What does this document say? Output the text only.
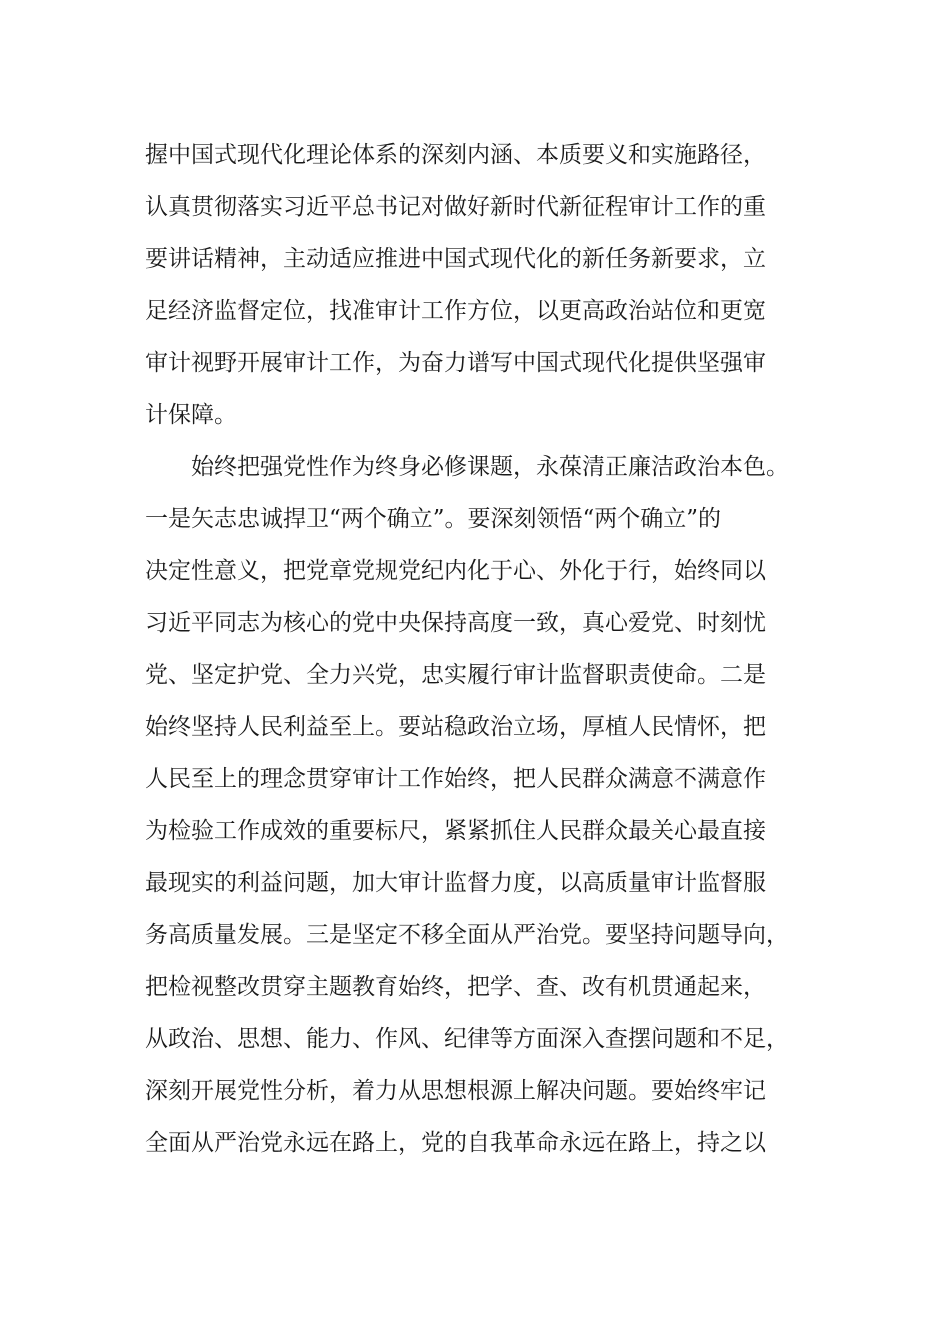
握中国式现代化理论体系的深刻内涵、本质要义和实施路径，
认真贯彻落实习近平总书记对做好新时代新征程审计工作的重
要讲话精神，主动适应推进中国式现代化的新任务新要求，立
足经济监督定位，找准审计工作方位，以更高政治站位和更宽
审计视野开展审计工作，为奋力谱写中国式现代化提供坚强审
计保障。
　　始终把强党性作为终身必修课题，永葆清正廉洁政治本色。
一是矢志忠诚捍卫“两个确立”。要深刻领悟“两个确立”的
决定性意义，把党章党规党纪内化于心、外化于行，始终同以
习近平同志为核心的党中央保持高度一致，真心爱党、时刻忧
党、坚定护党、全力兴党，忠实履行审计监督职责使命。二是
始终坚持人民利益至上。要站稳政治立场，厚植人民情怀，把
人民至上的理念贯穿审计工作始终，把人民群众满意不满意作
为检验工作成效的重要标尺，紧紧抓住人民群众最关心最直接
最现实的利益问题，加大审计监督力度，以高质量审计监督服
务高质量发展。三是坚定不移全面从严治党。要坚持问题导向，
把检视整改贯穿主题教育始终，把学、查、改有机贯通起来，
从政治、思想、能力、作风、纪律等方面深入查摆问题和不足，
深刻开展党性分析，着力从思想根源上解决问题。要始终牢记
全面从严治党永远在路上，党的自我革命永远在路上，持之以
